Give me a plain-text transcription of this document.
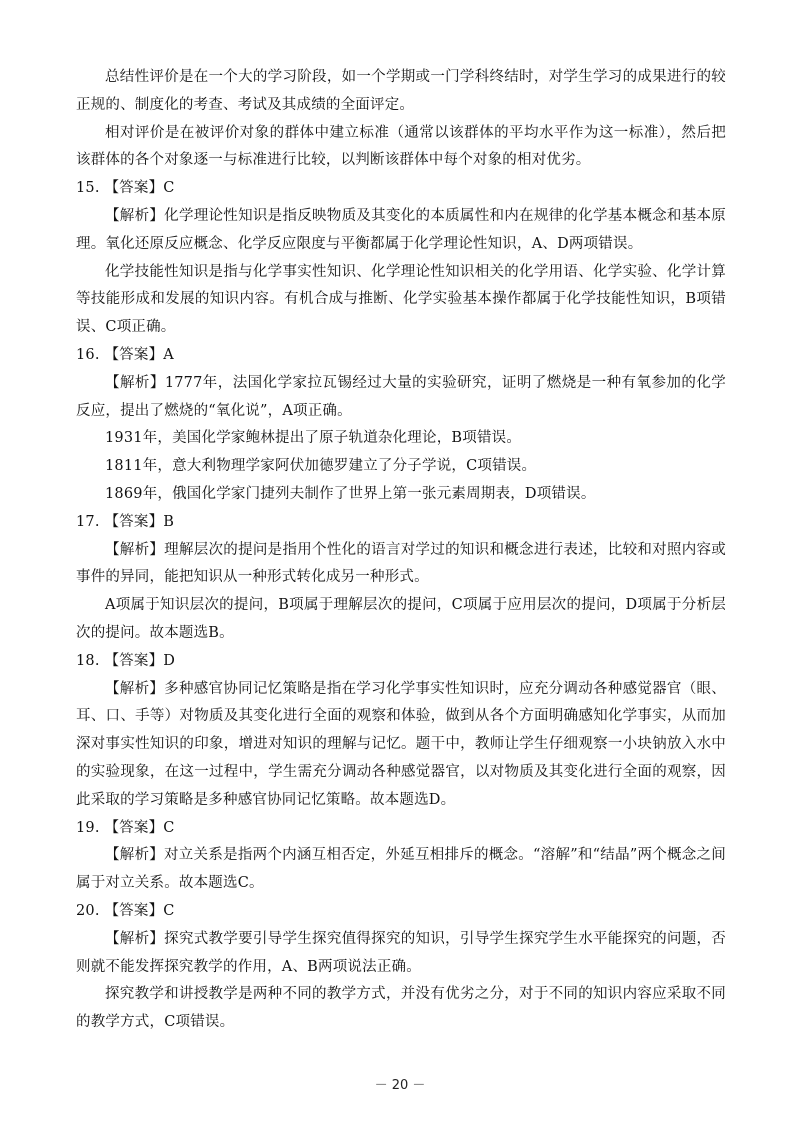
总结性评价是在一个大的学习阶段，如一个学期或一门学科终结时，对学生学习的成果进行的较正规的、制度化的考查、考试及其成绩的全面评定。

相对评价是在被评价对象的群体中建立标准（通常以该群体的平均水平作为这一标准），然后把该群体的各个对象逐一与标准进行比较，以判断该群体中每个对象的相对优劣。

15. 【答案】C

【解析】化学理论性知识是指反映物质及其变化的本质属性和内在规律的化学基本概念和基本原理。氧化还原反应概念、化学反应限度与平衡都属于化学理论性知识，A、D两项错误。

化学技能性知识是指与化学事实性知识、化学理论性知识相关的化学用语、化学实验、化学计算等技能形成和发展的知识内容。有机合成与推断、化学实验基本操作都属于化学技能性知识，B项错误、C项正确。

16. 【答案】A

【解析】1777年，法国化学家拉瓦锡经过大量的实验研究，证明了燃烧是一种有氧参加的化学反应，提出了燃烧的“氧化说”，A项正确。

1931年，美国化学家鲍林提出了原子轨道杂化理论，B项错误。

1811年，意大利物理学家阿伏加德罗建立了分子学说，C项错误。

1869年，俄国化学家门捷列夫制作了世界上第一张元素周期表，D项错误。

17. 【答案】B

【解析】理解层次的提问是指用个性化的语言对学过的知识和概念进行表述，比较和对照内容或事件的异同，能把知识从一种形式转化成另一种形式。

A项属于知识层次的提问，B项属于理解层次的提问，C项属于应用层次的提问，D项属于分析层次的提问。故本题选B。

18. 【答案】D

【解析】多种感官协同记忆策略是指在学习化学事实性知识时，应充分调动各种感觉器官（眼、耳、口、手等）对物质及其变化进行全面的观察和体验，做到从各个方面明确感知化学事实，从而加深对事实性知识的印象，增进对知识的理解与记忆。题干中，教师让学生仔细观察一小块钠放入水中的实验现象，在这一过程中，学生需充分调动各种感觉器官，以对物质及其变化进行全面的观察，因此采取的学习策略是多种感官协同记忆策略。故本题选D。

19. 【答案】C

【解析】对立关系是指两个内涵互相否定，外延互相排斥的概念。“溶解”和“结晶”两个概念之间属于对立关系。故本题选C。

20. 【答案】C

【解析】探究式教学要引导学生探究值得探究的知识，引导学生探究学生水平能探究的问题，否则就不能发挥探究教学的作用，A、B两项说法正确。

探究教学和讲授教学是两种不同的教学方式，并没有优劣之分，对于不同的知识内容应采取不同的教学方式，C项错误。

－ 20 －
